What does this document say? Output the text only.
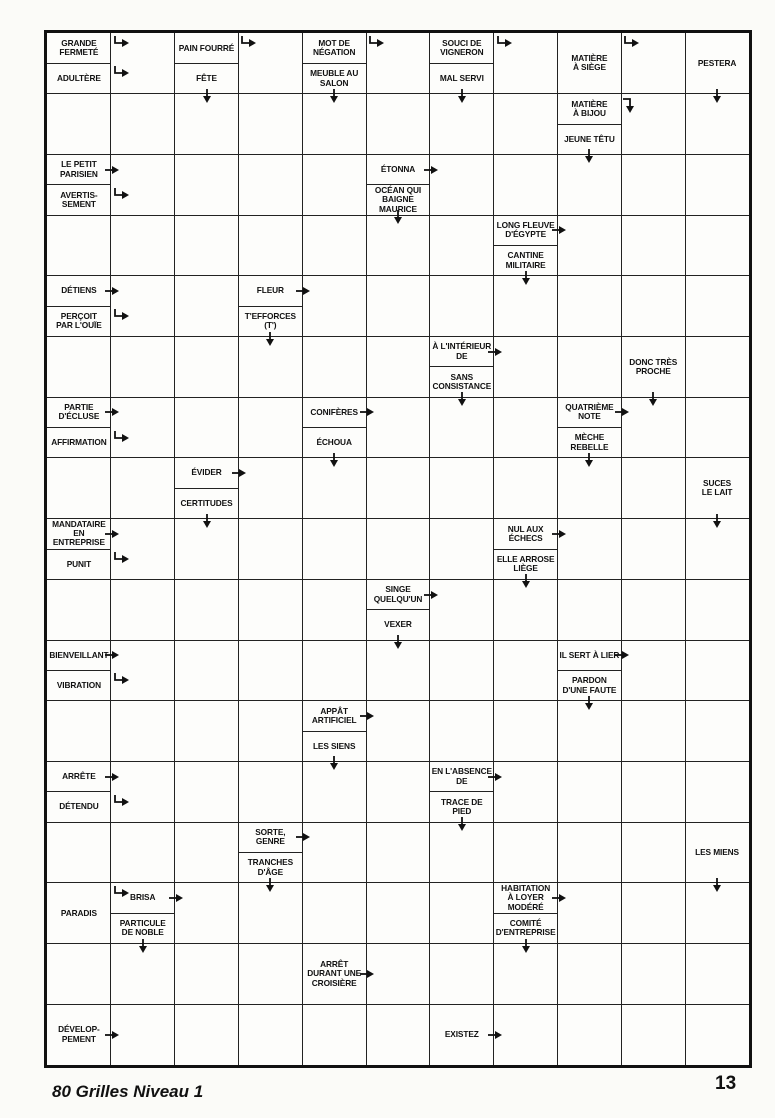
GRANDE
FERMETÉ
ADULTÈRE
PAIN FOURRÉ
FÊTE
MOT DE
NÉGATION
MEUBLE AU
SALON
SOUCI DE
VIGNERON
MAL SERVI
MATIÈRE
À SIÈGE	PESTERA
MATIÈRE
À BIJOU
JEUNE TÊTU
LE PETIT
PARISIEN
AVERTIS-
SEMENT
ÉTONNA
OCÉAN QUI
BAIGNE
MAURICE
LONG FLEUVE
D'ÉGYPTE
CANTINE
MILITAIRE
DÉTIENS
PERÇOIT
PAR L'OUÏE
FLEUR
T'EFFORCES
(T')
À L'INTÉRIEUR
DE
SANS
CONSISTANCE
DONC TRÈS
PROCHE
PARTIE
D'ÉCLUSE
AFFIRMATION
CONIFÈRES
ÉCHOUA
QUATRIÈME
NOTE
MÈCHE
REBELLE
ÉVIDER
CERTITUDES
SUCES
LE LAIT
MANDATAIRE
EN
ENTREPRISE
PUNIT
NUL AUX
ÉCHECS
ELLE ARROSE
LIÈGE
SINGE
QUELQU'UN
VEXER
BIENVEILLANT
VIBRATION
IL SERT À LIER
PARDON
D'UNE FAUTE
APPÂT
ARTIFICIEL
LES SIENS
ARRÊTE
DÉTENDU
EN L'ABSENCE
DE
TRACE DE
PIED
SORTE,
GENRE
TRANCHES
D'ÂGE
LES MIENS
PARADIS
BRISA
PARTICULE
DE NOBLE
HABITATION
À LOYER
MODÉRÉ
COMITÉ
D'ENTREPRISE
ARRÊT
DURANT UNE
CROISIÈRE
DÉVELOP-
PEMENT	EXISTEZ
80 Grilles Niveau 1	13
